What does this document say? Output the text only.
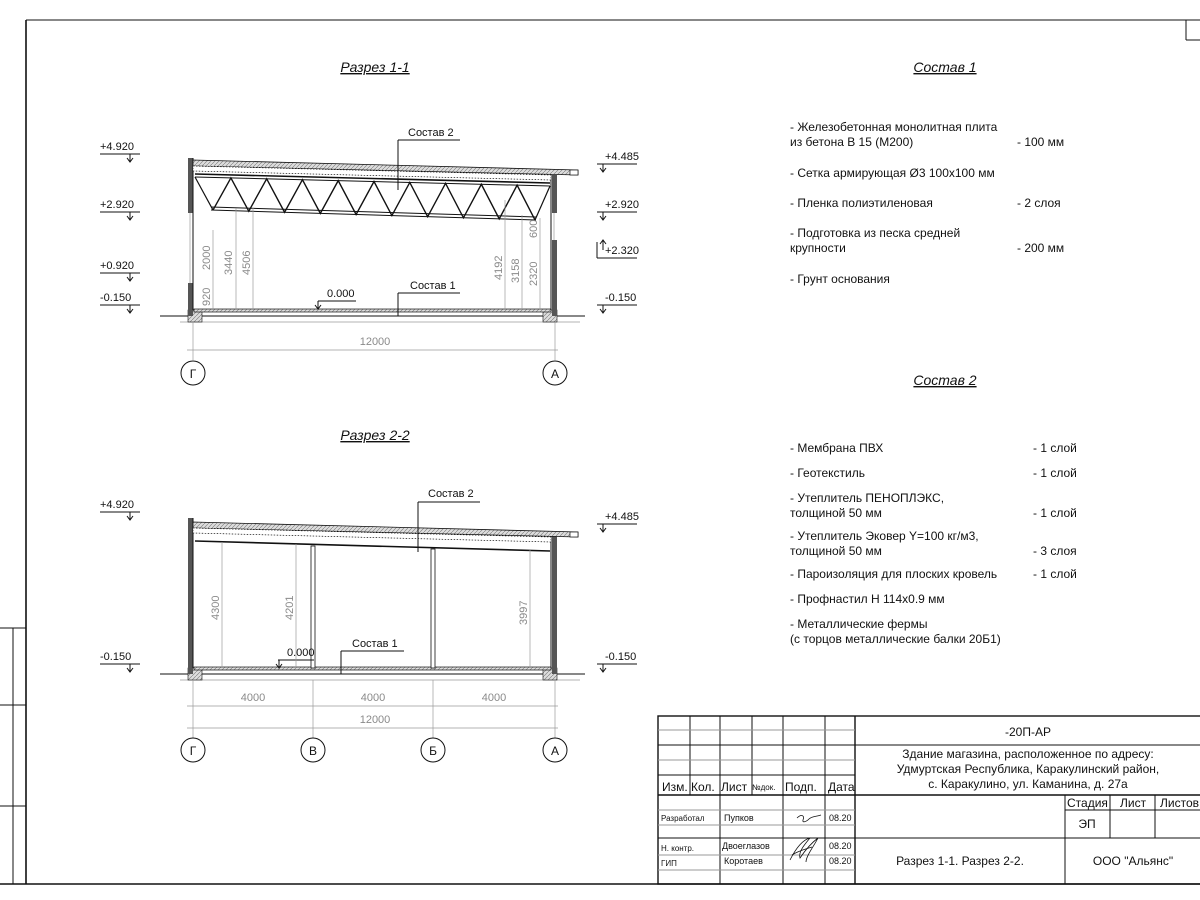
Разрез 1-1
+4.920
+2.920
+0.920
-0.150
+4.485
+2.920
+2.320
-0.150
Состав 2
Состав 1
0.000
2000 3440 4506
920
4192 3158 2320
600
12000
Г	А
Разрез 2-2
+4.920
-0.150
+4.485
-0.150
Состав 2
Состав 1
0.000
4300	4201	3997
4000	4000	4000
12000
Г	В	Б	А
Состав 1
- Железобетонная монолитная плита
из бетона В 15 (М200)	- 100 мм
- Сетка армирующая Ø3 100х100 мм
- Пленка полиэтиленовая	- 2 слоя
- Подготовка из песка средней
крупности	- 200 мм
- Грунт основания
Состав 2
- Мембрана ПВХ	- 1 слой
- Геотекстиль	- 1 слой
- Утеплитель ПЕНОПЛЭКС,
толщиной 50 мм	- 1 слой
- Утеплитель Эковер Y=100 кг/м3,
толщиной 50 мм	- 3 слоя
- Пароизоляция для плоских кровель	- 1 слой
- Профнастил Н 114х0.9 мм
- Металлические фермы
(с торцов металлические балки 20Б1)
Изм. Кол. Лист №док. Подп. Дата
Разработал Пупков	08.20
Н. контр.	Двоеглазов	08.20
ГИП	Коротаев	08.20
-20П-АР
Здание магазина, расположенное по адресу:
Удмуртская Республика, Каракулинский район,
с. Каракулино, ул. Каманина, д. 27а
Стадия Лист Листов
ЭП
Разрез 1-1. Разрез 2-2.	ООО "Альянс"
